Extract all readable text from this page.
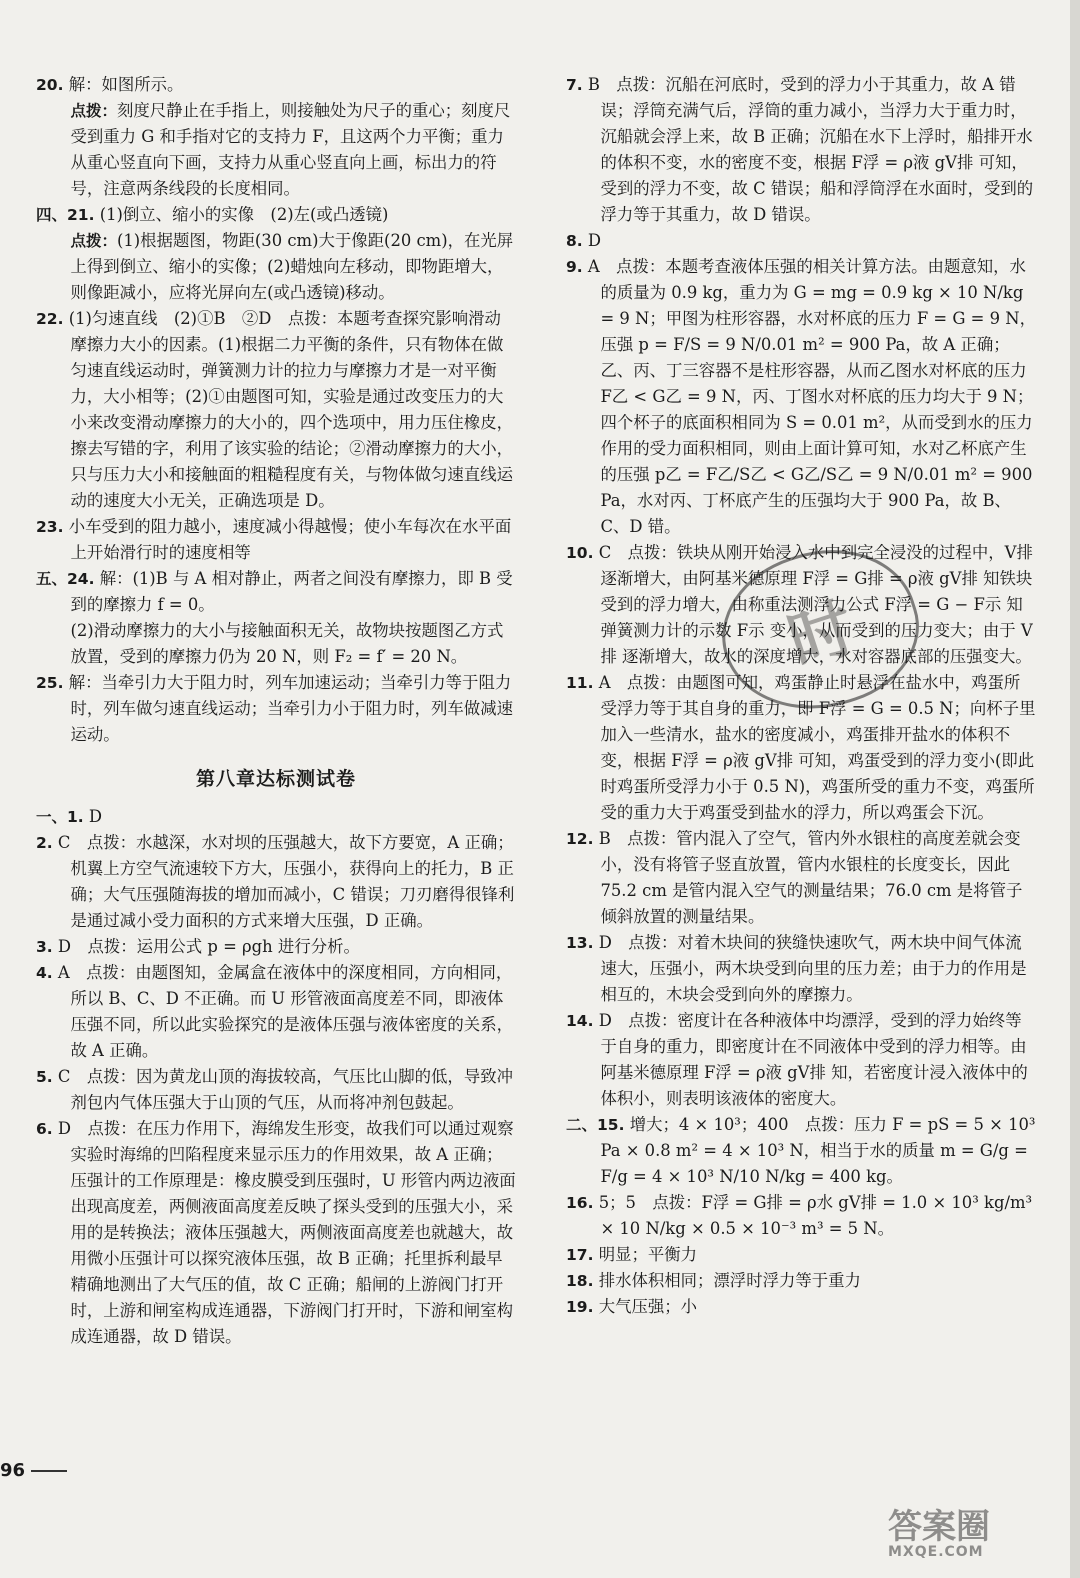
20. 解：如图所示。

点拨：刻度尺静止在手指上，则接触处为尺子的重心；刻度尺受到重力 G 和手指对它的支持力 F，且这两个力平衡；重力从重心竖直向下画，支持力从重心竖直向上画，标出力的符号，注意两条线段的长度相同。

四、21. (1)倒立、缩小的实像　(2)左(或凸透镜)

点拨：(1)根据题图，物距(30 cm)大于像距(20 cm)，在光屏上得到倒立、缩小的实像；(2)蜡烛向左移动，即物距增大，则像距减小，应将光屏向左(或凸透镜)移动。

22. (1)匀速直线　(2)①B　②D　点拨：本题考查探究影响滑动摩擦力大小的因素。(1)根据二力平衡的条件，只有物体在做匀速直线运动时，弹簧测力计的拉力与摩擦力才是一对平衡力，大小相等；(2)①由题图可知，实验是通过改变压力的大小来改变滑动摩擦力的大小的，四个选项中，用力压住橡皮，擦去写错的字，利用了该实验的结论；②滑动摩擦力的大小，只与压力大小和接触面的粗糙程度有关，与物体做匀速直线运动的速度大小无关，正确选项是 D。

23. 小车受到的阻力越小，速度减小得越慢；使小车每次在水平面上开始滑行时的速度相等

五、24. 解：(1)B 与 A 相对静止，两者之间没有摩擦力，即 B 受到的摩擦力 f = 0。

(2)滑动摩擦力的大小与接触面积无关，故物块按题图乙方式放置，受到的摩擦力仍为 20 N，则 F₂ = f′ = 20 N。

25. 解：当牵引力大于阻力时，列车加速运动；当牵引力等于阻力时，列车做匀速直线运动；当牵引力小于阻力时，列车做减速运动。

第八章达标测试卷

一、1. D

2. C　点拨：水越深，水对坝的压强越大，故下方要宽，A 正确；机翼上方空气流速较下方大，压强小，获得向上的托力，B 正确；大气压强随海拔的增加而减小，C 错误；刀刃磨得很锋利是通过减小受力面积的方式来增大压强，D 正确。

3. D　点拨：运用公式 p = ρgh 进行分析。

4. A　点拨：由题图知，金属盒在液体中的深度相同，方向相同，所以 B、C、D 不正确。而 U 形管液面高度差不同，即液体压强不同，所以此实验探究的是液体压强与液体密度的关系，故 A 正确。

5. C　点拨：因为黄龙山顶的海拔较高，气压比山脚的低，导致冲剂包内气体压强大于山顶的气压，从而将冲剂包鼓起。

6. D　点拨：在压力作用下，海绵发生形变，故我们可以通过观察实验时海绵的凹陷程度来显示压力的作用效果，故 A 正确；压强计的工作原理是：橡皮膜受到压强时，U 形管内两边液面出现高度差，两侧液面高度差反映了探头受到的压强大小，采用的是转换法；液体压强越大，两侧液面高度差也就越大，故用微小压强计可以探究液体压强，故 B 正确；托里拆利最早精确地测出了大气压的值，故 C 正确；船闸的上游阀门打开时，上游和闸室构成连通器，下游阀门打开时，下游和闸室构成连通器，故 D 错误。

7. B　点拨：沉船在河底时，受到的浮力小于其重力，故 A 错误；浮筒充满气后，浮筒的重力减小，当浮力大于重力时，沉船就会浮上来，故 B 正确；沉船在水下上浮时，船排开水的体积不变，水的密度不变，根据 F浮 = ρ液 gV排 可知，受到的浮力不变，故 C 错误；船和浮筒浮在水面时，受到的浮力等于其重力，故 D 错误。

8. D

9. A　点拨：本题考查液体压强的相关计算方法。由题意知，水的质量为 0.9 kg，重力为 G = mg = 0.9 kg × 10 N/kg = 9 N；甲图为柱形容器，水对杯底的压力 F = G = 9 N，压强 p = F/S = 9 N/0.01 m² = 900 Pa，故 A 正确；乙、丙、丁三容器不是柱形容器，从而乙图水对杯底的压力 F乙 < G乙 = 9 N，丙、丁图水对杯底的压力均大于 9 N；四个杯子的底面积相同为 S = 0.01 m²，从而受到水的压力作用的受力面积相同，则由上面计算可知，水对乙杯底产生的压强 p乙 = F乙/S乙 < G乙/S乙 = 9 N/0.01 m² = 900 Pa，水对丙、丁杯底产生的压强均大于 900 Pa，故 B、C、D 错。

10. C　点拨：铁块从刚开始浸入水中到完全浸没的过程中，V排 逐渐增大，由阿基米德原理 F浮 = G排 = ρ液 gV排 知铁块受到的浮力增大，由称重法测浮力公式 F浮 = G − F示 知弹簧测力计的示数 F示 变小，从而受到的压力变大；由于 V排 逐渐增大，故水的深度增大，水对容器底部的压强变大。

11. A　点拨：由题图可知，鸡蛋静止时悬浮在盐水中，鸡蛋所受浮力等于其自身的重力，即 F浮 = G = 0.5 N；向杯子里加入一些清水，盐水的密度减小，鸡蛋排开盐水的体积不变，根据 F浮 = ρ液 gV排 可知，鸡蛋受到的浮力变小(即此时鸡蛋所受浮力小于 0.5 N)，鸡蛋所受的重力不变，鸡蛋所受的重力大于鸡蛋受到盐水的浮力，所以鸡蛋会下沉。

12. B　点拨：管内混入了空气，管内外水银柱的高度差就会变小，没有将管子竖直放置，管内水银柱的长度变长，因此 75.2 cm 是管内混入空气的测量结果；76.0 cm 是将管子倾斜放置的测量结果。

13. D　点拨：对着木块间的狭缝快速吹气，两木块中间气体流速大，压强小，两木块受到向里的压力差；由于力的作用是相互的，木块会受到向外的摩擦力。

14. D　点拨：密度计在各种液体中均漂浮，受到的浮力始终等于自身的重力，即密度计在不同液体中受到的浮力相等。由阿基米德原理 F浮 = ρ液 gV排 知，若密度计浸入液体中的体积小，则表明该液体的密度大。

二、15. 增大；4 × 10³；400　点拨：压力 F = pS = 5 × 10³ Pa × 0.8 m² = 4 × 10³ N，相当于水的质量 m = G/g = F/g = 4 × 10³ N/10 N/kg = 400 kg。

16. 5；5　点拨：F浮 = G排 = ρ水 gV排 = 1.0 × 10³ kg/m³ × 10 N/kg × 0.5 × 10⁻³ m³ = 5 N。

17. 明显；平衡力

18. 排水体积相同；漂浮时浮力等于重力

19. 大气压强；小

96
时
答案圈
MXQE.COM
